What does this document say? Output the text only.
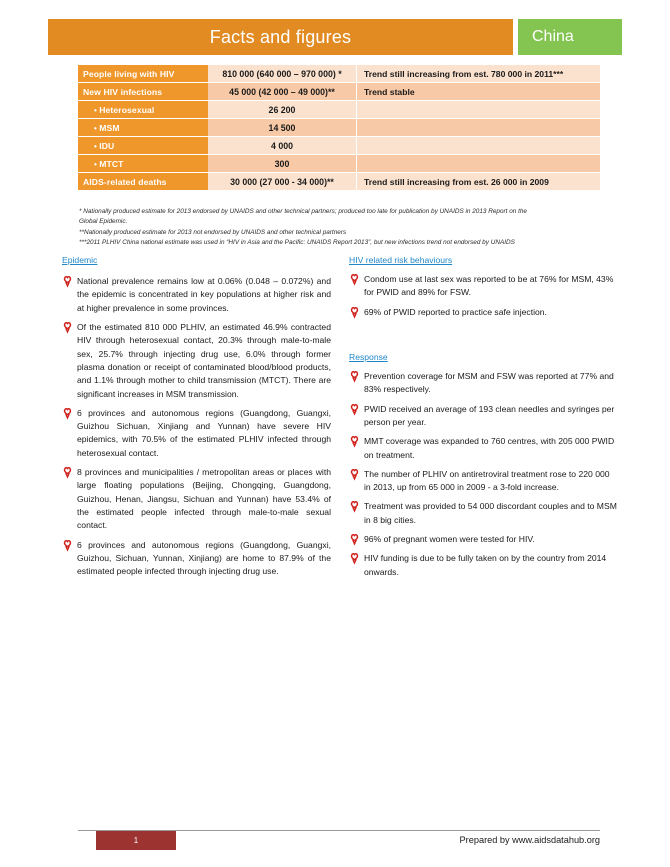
Facts and figures	China
People living with HIV	810 000 (640 000 – 970 000) *	Trend still increasing from est. 780 000 in 2011***
New HIV infections	45 000 (42 000 – 49 000)**	Trend stable
• Heterosexual	26 200	
• MSM	14 500	
• IDU	4 000	
• MTCT	300	
AIDS-related deaths	30 000 (27 000 - 34 000)**	Trend still increasing from est. 26 000 in 2009
* Nationally produced estimate for 2013 endorsed by UNAIDS and other technical partners; produced too late for publication by UNAIDS in 2013 Report on the
Global Epidemic.
**Nationally produced estimate for 2013 not endorsed by UNAIDS and other technical partners
***2011 PLHIV China national estimate was used in “HIV in Asia and the Pacific: UNAIDS Report 2013”, but new infections trend not endorsed by UNAIDS
Epidemic
National prevalence remains low at 0.06% (0.048 – 0.072%) and the epidemic is concentrated in key populations at higher risk and at higher prevalence in some provinces.
Of the estimated 810 000 PLHIV, an estimated 46.9% contracted HIV through heterosexual contact, 20.3% through male-to-male sex, 25.7% through injecting drug use, 6.0% through former plasma donation or receipt of contaminated blood/blood products, and 1.1% through mother to child transmission (MTCT). There are significant increases in MSM transmission.
6 provinces and autonomous regions (Guangdong, Guangxi, Guizhou Sichuan, Xinjiang and Yunnan) have severe HIV epidemics, with 70.5% of the estimated PLHIV infected through heterosexual contact.
8 provinces and municipalities / metropolitan areas or places with large floating populations (Beijing, Chongqing, Guangdong, Guizhou, Henan, Jiangsu, Sichuan and Yunnan) have 53.4% of the estimated people infected through male-to-male sexual contact.
6 provinces and autonomous regions (Guangdong, Guangxi, Guizhou, Sichuan, Yunnan, Xinjiang) are home to 87.9% of the estimated people infected through injecting drug use.
HIV related risk behaviours
Condom use at last sex was reported to be at 76% for MSM, 43% for PWID and 89% for FSW.
69% of PWID reported to practice safe injection.
Response
Prevention coverage for MSM and FSW was reported at 77% and 83% respectively.
PWID received an average of 193 clean needles and syringes per person per year.
MMT coverage was expanded to 760 centres, with 205 000 PWID on treatment.
The number of PLHIV on antiretroviral treatment rose to 220 000 in 2013, up from 65 000 in 2009 - a 3-fold increase.
Treatment was provided to 54 000 discordant couples and to MSM in 8 big cities.
96% of pregnant women were tested for HIV.
HIV funding is due to be fully taken on by the country from 2014 onwards.
1	Prepared by www.aidsdatahub.org
